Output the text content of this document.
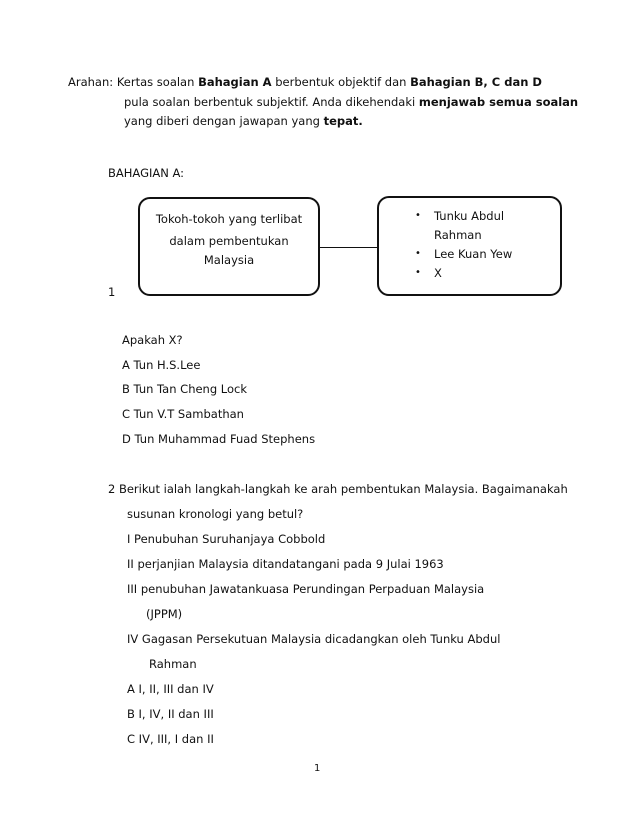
Arahan: Kertas soalan Bahagian A berbentuk objektif dan Bahagian B, C dan D
pula soalan berbentuk subjektif. Anda dikehendaki menjawab semua soalan
yang diberi dengan jawapan yang tepat.
BAHAGIAN A:
Tokoh-tokoh yang terlibat
dalam pembentukan
Malaysia
• Tunku Abdul
Rahman
• Lee Kuan Yew
• X
1
Apakah X?
A Tun H.S.Lee
B Tun Tan Cheng Lock
C Tun V.T Sambathan
D Tun Muhammad Fuad Stephens
2 Berikut ialah langkah-langkah ke arah pembentukan Malaysia. Bagaimanakah
susunan kronologi yang betul?
I Penubuhan Suruhanjaya Cobbold
II perjanjian Malaysia ditandatangani pada 9 Julai 1963
III penubuhan Jawatankuasa Perundingan Perpaduan Malaysia
(JPPM)
IV Gagasan Persekutuan Malaysia dicadangkan oleh Tunku Abdul
Rahman
A I, II, III dan IV
B I, IV, II dan III
C IV, III, I dan II
1
